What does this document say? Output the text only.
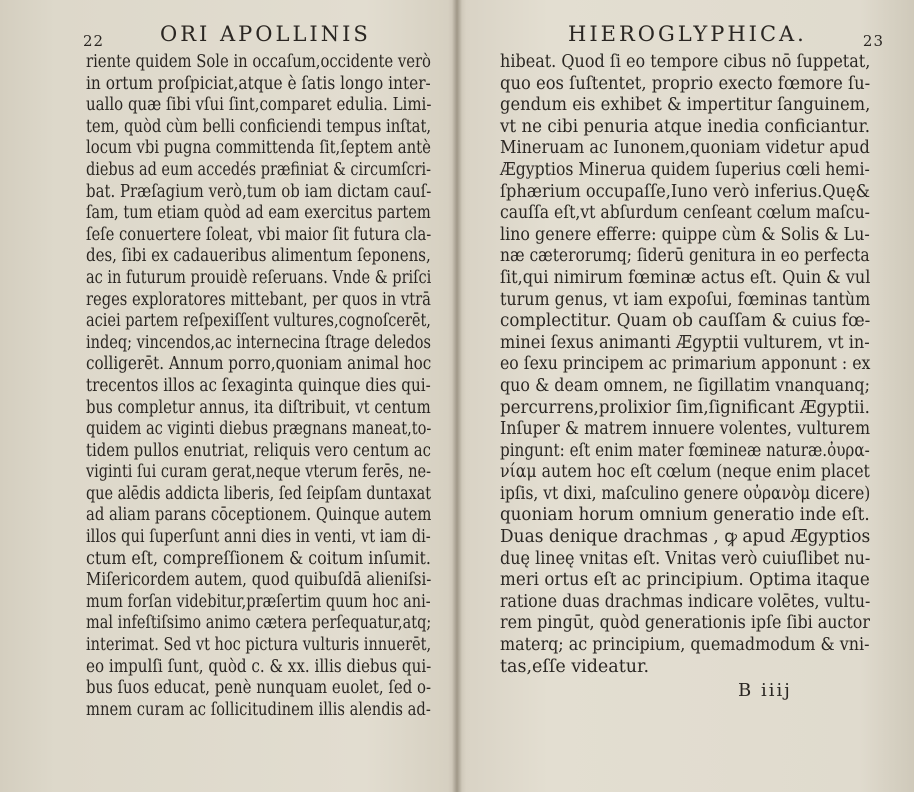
22	ORI APOLLINIS
riente quidem Sole in occaſum,occidente verò
in ortum proſpiciat,atque è ſatis longo inter-
uallo quæ ſibi vſui ſint,comparet edulia. Limi-
tem, quòd cùm belli conficiendi tempus inſtat,
locum vbi pugna committenda ſit,ſeptem antè
diebus ad eum accedés præfiniat & circumſcri-
bat. Præſagium verò,tum ob iam dictam cauſ-
ſam, tum etiam quòd ad eam exercitus partem
ſeſe conuertere ſoleat, vbi maior ſit futura cla-
des, ſibi ex cadaueribus alimentum ſeponens,
ac in futurum prouidè reſeruans. Vnde & priſci
reges exploratores mittebant, per quos in vtrā
aciei partem reſpexiſſent vultures,cognoſcerēt,
indeq; vincendos,ac internecina ſtrage deledos
colligerēt. Annum porro,quoniam animal hoc
trecentos illos ac ſexaginta quinque dies qui-
bus completur annus, ita diſtribuit, vt centum
quidem ac viginti diebus prægnans maneat,to-
tidem pullos enutriat, reliquis vero centum ac
viginti ſui curam gerat,neque vterum ferēs, ne-
que alēdis addicta liberis, ſed ſeipſam duntaxat
ad aliam parans cōceptionem. Quinque autem
illos qui ſuperſunt anni dies in venti, vt iam di-
ctum eſt, compreſſionem & coitum inſumit.
Miſericordem autem, quod quibuſdā alieniſsi-
mum forſan videbitur,præſertim quum hoc ani-
mal infeſtiſsimo animo cætera perſequatur,atq;
interimat. Sed vt hoc pictura vulturis innuerēt,
eo impulſi ſunt, quòd c. & xx. illis diebus qui-
bus ſuos educat, penè nunquam euolet, ſed o-
mnem curam ac ſollicitudinem illis alendis ad-
HIEROGLYPHICA.	23
hibeat. Quod ſi eo tempore cibus nō ſuppetat,
quo eos ſuſtentet, proprio execto fœmore ſu-
gendum eis exhibet & impertitur ſanguinem,
vt ne cibi penuria atque inedia conficiantur.
Mineruam ac Iunonem,quoniam videtur apud
Ægyptios Minerua quidem ſuperius cœli hemi-
ſphærium occupaſſe,Iuno verò inferius.Quę&
cauſſa eſt,vt abſurdum cenſeant cœlum maſcu-
lino genere efferre: quippe cùm & Solis & Lu-
næ cæterorumq; ſiderū genitura in eo perfecta
ſit,qui nimirum fœminæ actus eſt. Quin & vul
turum genus, vt iam expoſui, fœminas tantùm
complectitur. Quam ob cauſſam & cuius fœ-
minei ſexus animanti Ægyptii vulturem, vt in-
eo ſexu principem ac primarium apponunt : ex
quo & deam omnem, ne ſigillatim vnanquanq;
percurrens,prolixior ſim,ſignificant Ægyptii.
Inſuper & matrem innuere volentes, vulturem
pingunt: eſt enim mater fœmineæ naturæ.ὀυρα-
νίαμ autem hoc eſt cœlum (neque enim placet
ipſis, vt dixi, maſculino genere οὐρανὸμ dicere)
quoniam horum omnium generatio inde eſt.
Duas denique drachmas , ꝙ apud Ægyptios
duę lineę vnitas eſt. Vnitas verò cuiuſlibet nu-
meri ortus eſt ac principium. Optima itaque
ratione duas drachmas indicare volētes, vultu-
rem pingūt, quòd generationis ipſe ſibi auctor
materq; ac principium, quemadmodum & vni-
tas,eſſe videatur.
B iiij
